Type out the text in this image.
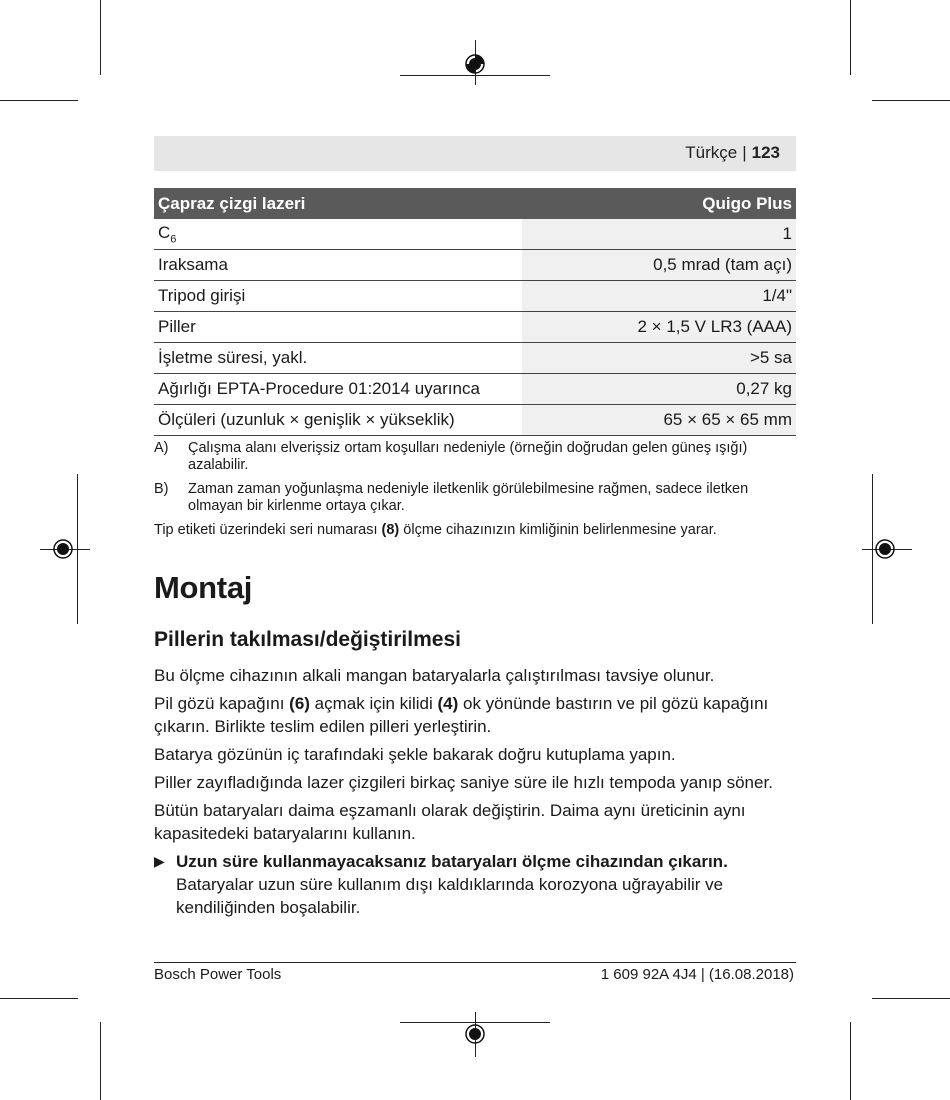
Türkçe | 123
Çapraz çizgi lazeri	Quigo Plus
$C_6$	1
Iraksama	0,5 mrad (tam açı)
Tripod girişi	1/4"
Piller	2 × 1,5 V LR3 (AAA)
İşletme süresi, yakl.	>5 sa
Ağırlığı EPTA-Procedure 01:2014 uyarınca	0,27 kg
Ölçüleri (uzunluk × genişlik × yükseklik)	65 × 65 × 65 mm
A)	Çalışma alanı elverişsiz ortam koşulları nedeniyle (örneğin doğrudan gelen güneş ışığı) azalabilir.
B)	Zaman zaman yoğunlaşma nedeniyle iletkenlik görülebilmesine rağmen, sadece iletken olmayan bir kirlenme ortaya çıkar.
Tip etiketi üzerindeki seri numarası (8) ölçme cihazınızın kimliğinin belirlenmesine yarar.
Montaj
Pillerin takılması/değiştirilmesi

Bu ölçme cihazının alkali mangan bataryalarla çalıştırılması tavsiye olunur.

Pil gözü kapağını (6) açmak için kilidi (4) ok yönünde bastırın ve pil gözü kapağını çıkarın. Birlikte teslim edilen pilleri yerleştirin.

Batarya gözünün iç tarafındaki şekle bakarak doğru kutuplama yapın.

Piller zayıfladığında lazer çizgileri birkaç saniye süre ile hızlı tempoda yanıp söner.

Bütün bataryaları daima eşzamanlı olarak değiştirin. Daima aynı üreticinin aynı kapasitedeki bataryalarını kullanın.

▶ Uzun süre kullanmayacaksanız bataryaları ölçme cihazından çıkarın.
Bataryalar uzun süre kullanım dışı kaldıklarında korozyona uğrayabilir ve kendiliğinden boşalabilir.
Bosch Power Tools	1 609 92A 4J4 | (16.08.2018)
